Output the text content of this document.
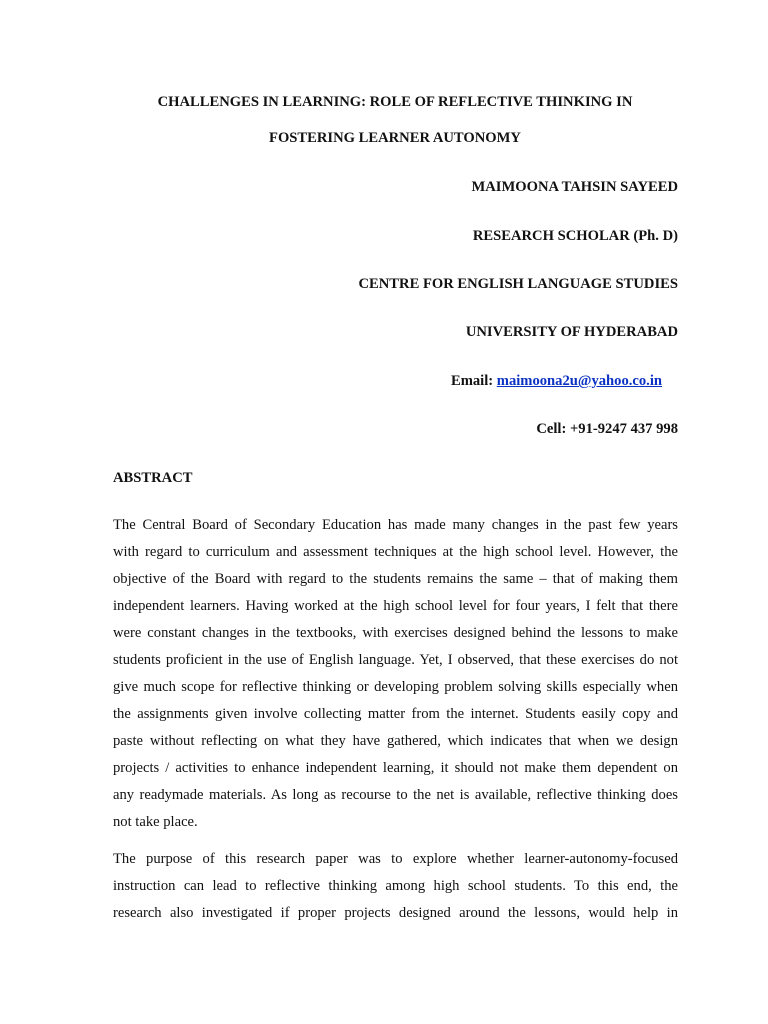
CHALLENGES IN LEARNING: ROLE OF REFLECTIVE THINKING IN
FOSTERING LEARNER AUTONOMY
MAIMOONA TAHSIN SAYEED
RESEARCH SCHOLAR (Ph. D)
CENTRE FOR ENGLISH LANGUAGE STUDIES
UNIVERSITY OF HYDERABAD
Email: maimoona2u@yahoo.co.in
Cell: +91-9247 437 998
ABSTRACT
The Central Board of Secondary Education has made many changes in the past few years
with regard to curriculum and assessment techniques at the high school level. However, the
objective of the Board with regard to the students remains the same – that of making them
independent learners. Having worked at the high school level for four years, I felt that there
were constant changes in the textbooks, with exercises designed behind the lessons to make
students proficient in the use of English language. Yet, I observed, that these exercises do not
give much scope for reflective thinking or developing problem solving skills especially when
the assignments given involve collecting matter from the internet. Students easily copy and
paste without reflecting on what they have gathered, which indicates that when we design
projects / activities to enhance independent learning, it should not make them dependent on
any readymade materials. As long as recourse to the net is available, reflective thinking does
not take place.
The purpose of this research paper was to explore whether learner-autonomy-focused
instruction can lead to reflective thinking among high school students. To this end, the
research also investigated if proper projects designed around the lessons, would help in
